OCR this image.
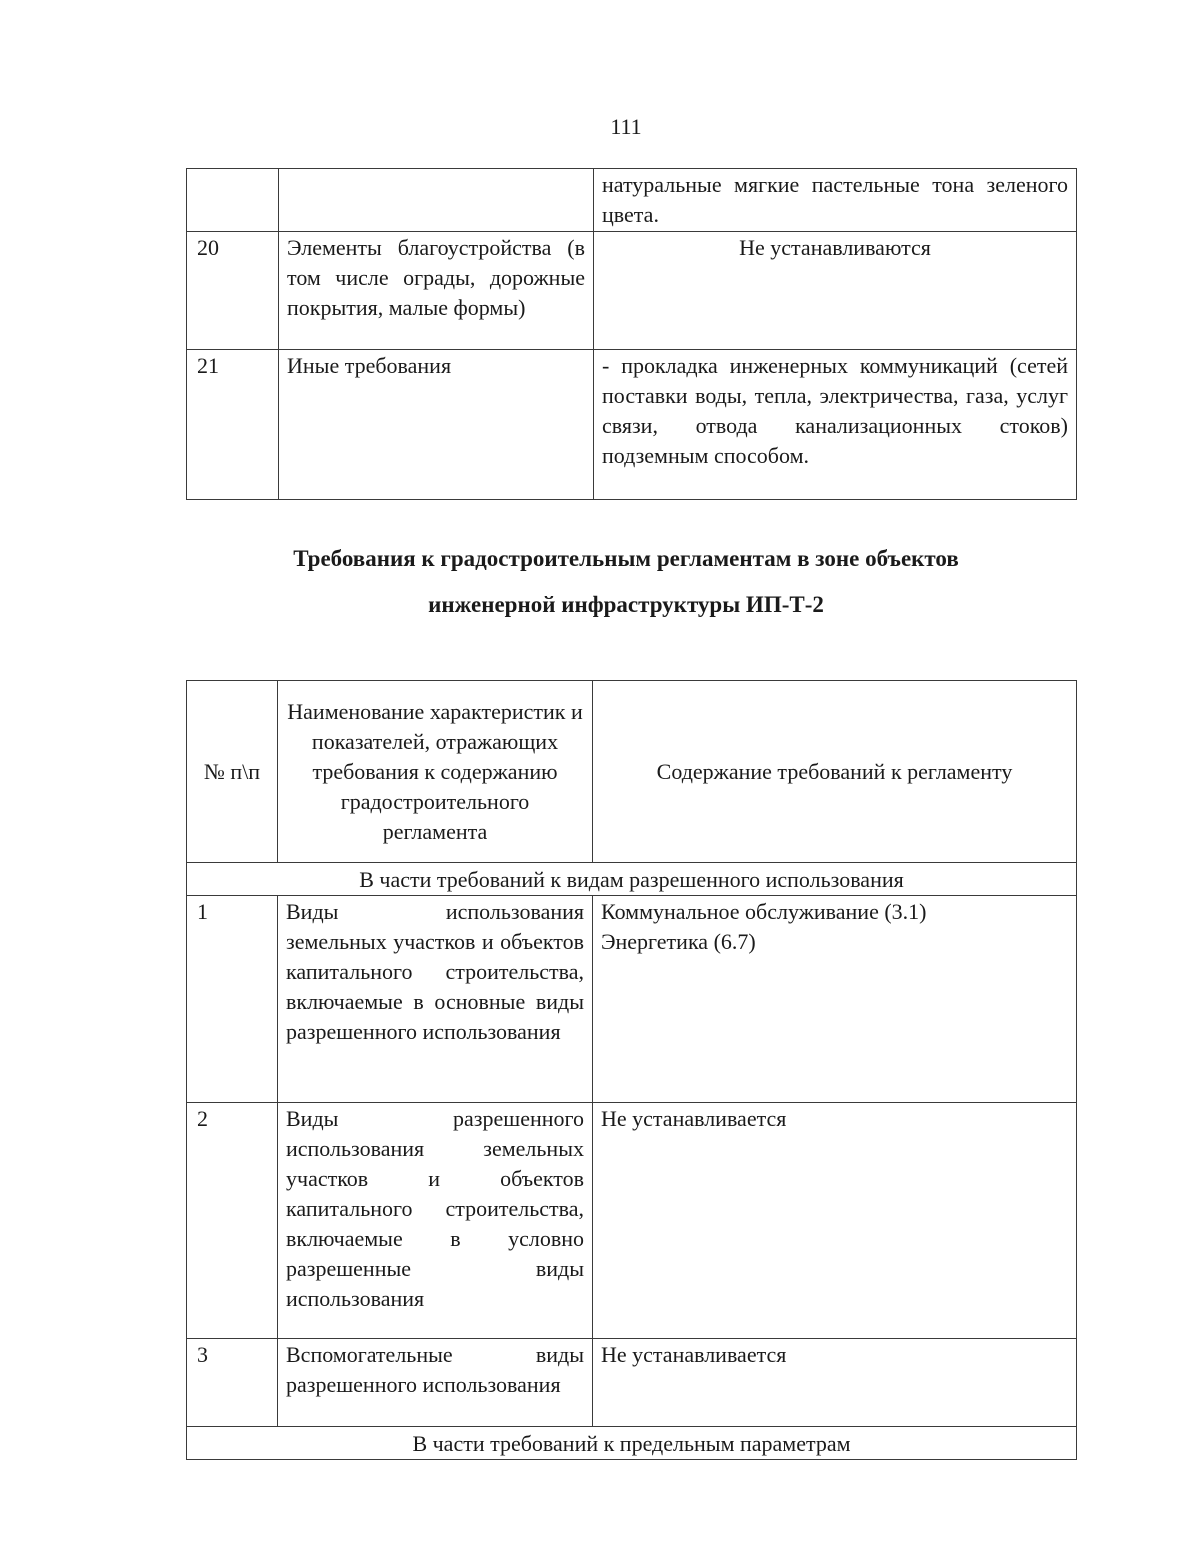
111
		натуральные мягкие пастельные тона зеленого цвета.
20	Элементы благоустройства (в том числе ограды, дорожные покрытия, малые формы)	Не устанавливаются
21	Иные требования	- прокладка инженерных коммуникаций (сетей поставки воды, тепла, электричества, газа, услуг связи, отвода канализационных стоков) подземным способом.
Требования к градостроительным регламентам в зоне объектов
инженерной инфраструктуры ИП-Т-2
№ п\п	Наименование характеристик и показателей, отражающих требования к содержанию градостроительного регламента	Содержание требований к регламенту
В части требований к видам разрешенного использования		
1	Виды использования земельных участков и объектов капитального строительства, включаемые в основные виды разрешенного использования	Коммунальное обслуживание (3.1)
Энергетика (6.7)

2	Виды разрешенного использования земельных участков и объектов капитального строительства, включаемые в условно разрешенные виды использования	Не устанавливается

3	Вспомогательные виды разрешенного использования	Не устанавливается

В части требований к предельным параметрам		
